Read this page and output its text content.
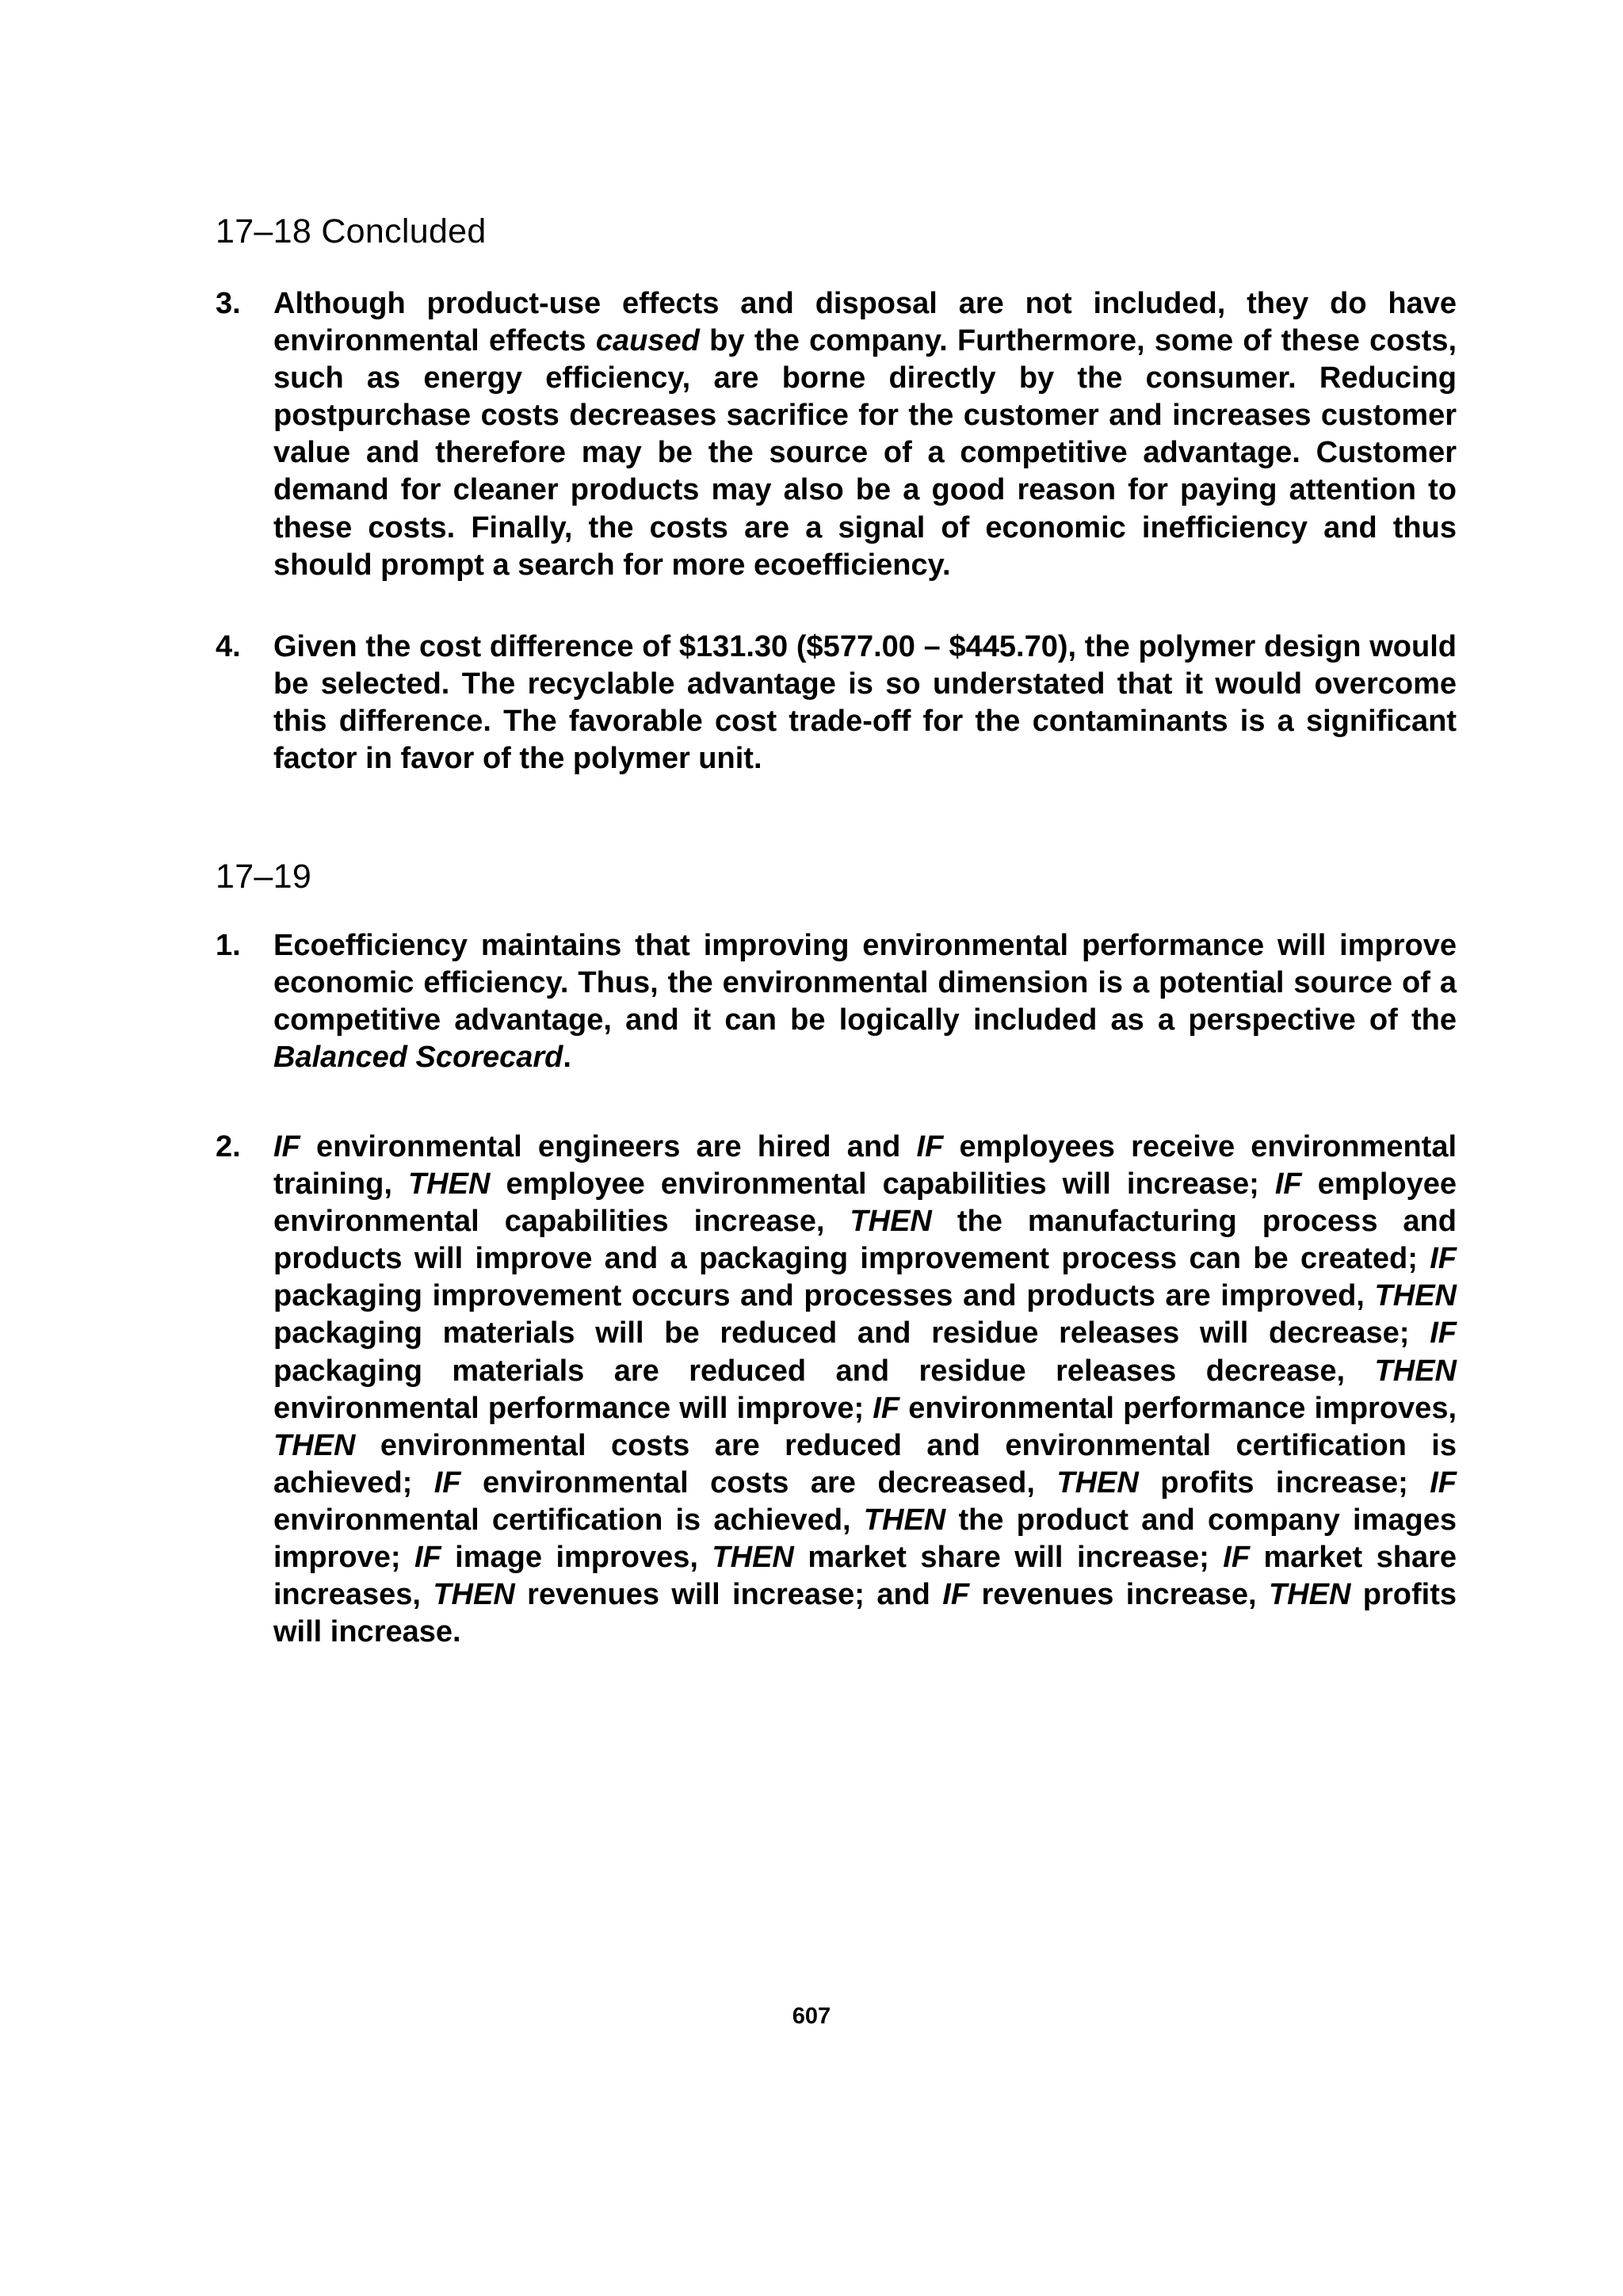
17–18 Concluded
3. Although product-use effects and disposal are not included, they do have environmental effects caused by the company. Furthermore, some of these costs, such as energy efficiency, are borne directly by the consumer. Reducing postpurchase costs decreases sacrifice for the customer and increases customer value and therefore may be the source of a competitive advantage. Customer demand for cleaner products may also be a good reason for paying attention to these costs. Finally, the costs are a signal of economic inefficiency and thus should prompt a search for more ecoefficiency.
4. Given the cost difference of $131.30 ($577.00 – $445.70), the polymer design would be selected. The recyclable advantage is so understated that it would overcome this difference. The favorable cost trade-off for the contaminants is a significant factor in favor of the polymer unit.
17–19
1. Ecoefficiency maintains that improving environmental performance will improve economic efficiency. Thus, the environmental dimension is a potential source of a competitive advantage, and it can be logically included as a perspective of the Balanced Scorecard.
2. IF environmental engineers are hired and IF employees receive environmental training, THEN employee environmental capabilities will increase; IF employee environmental capabilities increase, THEN the manufacturing process and products will improve and a packaging improvement process can be created; IF packaging improvement occurs and processes and products are improved, THEN packaging materials will be reduced and residue releases will decrease; IF packaging materials are reduced and residue releases decrease, THEN environmental performance will improve; IF environmental performance improves, THEN environmental costs are reduced and environmental certification is achieved; IF environmental costs are decreased, THEN profits increase; IF environmental certification is achieved, THEN the product and company images improve; IF image improves, THEN market share will increase; IF market share increases, THEN revenues will increase; and IF revenues increase, THEN profits will increase.
607
